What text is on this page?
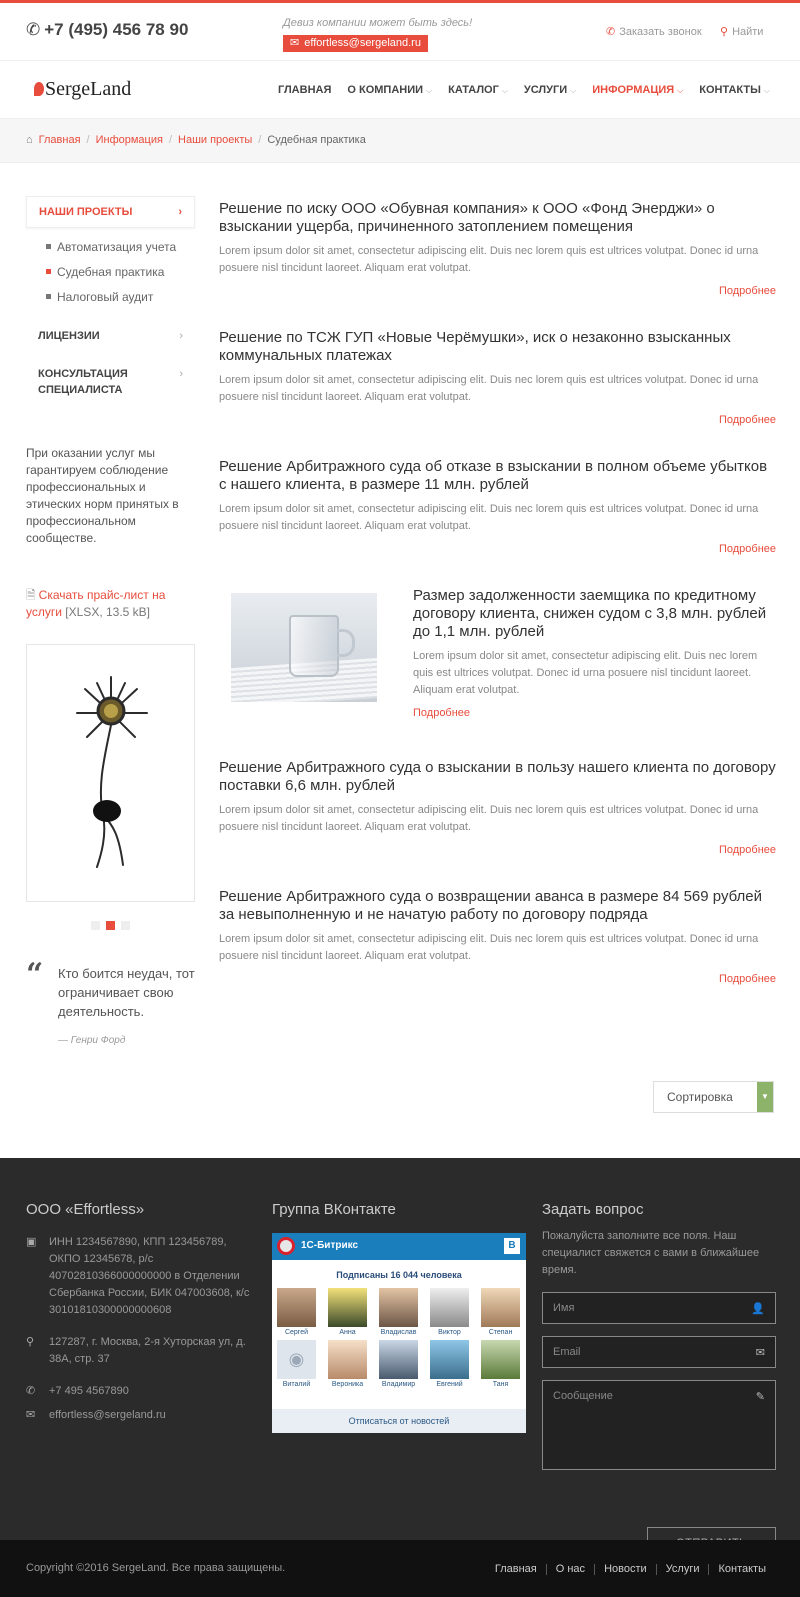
✆ +7 (495) 456 78 90	Девиз компании может быть здесь!
✉ effortless@sergeland.ru
✆ Заказать звонок ⚲ Найти
SergeLand	ГЛАВНАЯ О КОМПАНИИ ⌵ КАТАЛОГ ⌵ УСЛУГИ ⌵ ИНФОРМАЦИЯ ⌵ КОНТАКТЫ ⌵
⌂ Главная / Информация / Наши проекты / Судебная практика
НАШИ ПРОЕКТЫ	›
Автоматизация учета
Судебная практика
Налоговый аудит
ЛИЦЕНЗИИ	›
КОНСУЛЬТАЦИЯ СПЕЦИАЛИСТА
›
При оказании услуг мы гарантируем соблюдение профессиональных и этических норм принятых в профессиональном сообществе.
🗎 Скачать прайс-лист на услуги [XLSX, 13.5 kB]
“ Кто боится неудач, тот ограничивает свою деятельность.
— Генри Форд
Решение по иску ООО «Обувная компания» к ООО «Фонд Энерджи» о взыскании ущерба, причиненного затоплением помещения
Lorem ipsum dolor sit amet, consectetur adipiscing elit. Duis nec lorem quis est ultrices volutpat. Donec id urna posuere nisl tincidunt laoreet. Aliquam erat volutpat.
Подробнее
Решение по ТСЖ ГУП «Новые Черёмушки», иск о незаконно взысканных коммунальных платежах
Lorem ipsum dolor sit amet, consectetur adipiscing elit. Duis nec lorem quis est ultrices volutpat. Donec id urna posuere nisl tincidunt laoreet. Aliquam erat volutpat.
Подробнее
Решение Арбитражного суда об отказе в взыскании в полном объеме убытков с нашего клиента, в размере 11 млн. рублей
Lorem ipsum dolor sit amet, consectetur adipiscing elit. Duis nec lorem quis est ultrices volutpat. Donec id urna posuere nisl tincidunt laoreet. Aliquam erat volutpat.
Подробнее
Размер задолженности заемщика по кредитному договору клиента, снижен судом с 3,8 млн. рублей до 1,1 млн. рублей
Lorem ipsum dolor sit amet, consectetur adipiscing elit. Duis nec lorem quis est ultrices volutpat. Donec id urna posuere nisl tincidunt laoreet. Aliquam erat volutpat.
Подробнее
Решение Арбитражного суда о взыскании в пользу нашего клиента по договору поставки 6,6 млн. рублей
Lorem ipsum dolor sit amet, consectetur adipiscing elit. Duis nec lorem quis est ultrices volutpat. Donec id urna posuere nisl tincidunt laoreet. Aliquam erat volutpat.
Подробнее
Решение Арбитражного суда о возвращении аванса в размере 84 569 рублей за невыполненную и не начатую работу по договору подряда
Lorem ipsum dolor sit amet, consectetur adipiscing elit. Duis nec lorem quis est ultrices volutpat. Donec id urna posuere nisl tincidunt laoreet. Aliquam erat volutpat.
Подробнее
Сортировка	▼
ООО «Effortless»
▣ ИНН 1234567890, КПП 123456789, ОКПО 12345678, р/с 40702810366000000000 в Отделении Сбербанка России, БИК 047003608, к/с 30101810300000000608
⚲ 127287, г. Москва, 2-я Хуторская ул, д. 38А, стр. 37
✆ +7 495 4567890
✉ effortless@sergeland.ru
Группа ВКонтакте
1С-Битрикс	B
Подписаны 16 044 человека
Сергей	Анна	Владислав	Виктор	Степан
◉
Виталий	Вероника	Владимир	Евгений	Таня
Отписаться от новостей
Задать вопрос
Пожалуйста заполните все поля. Наш специалист свяжется с вами в ближайшее время.
Имя	👤
Email	✉
Сообщение	✎
Copyright ©2016 SergeLand. Все права защищены.	Главная	О нас	Новости	Услуги	Контакты
